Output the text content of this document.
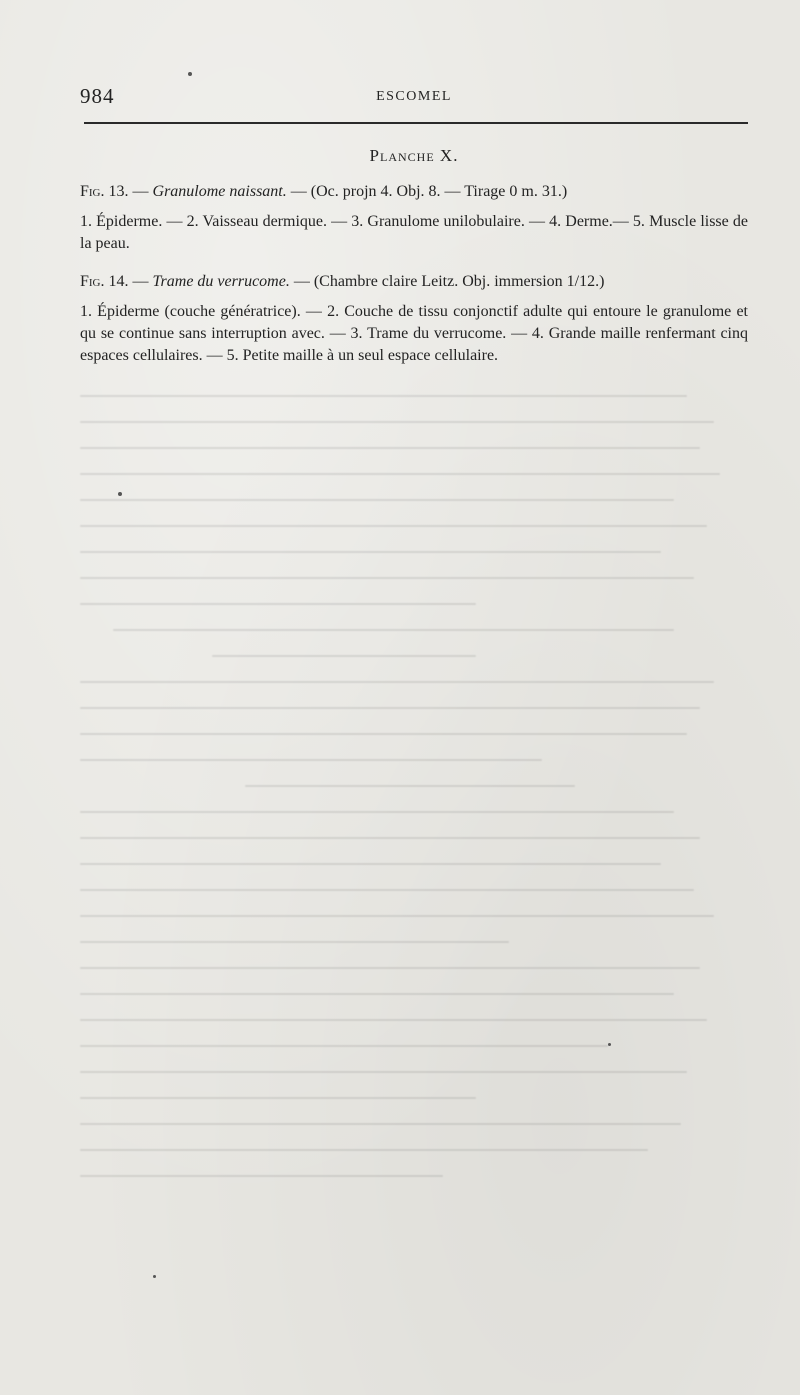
984	ESCOMEL
Planche X.

Fig. 13. — Granulome naissant. — (Oc. projn 4. Obj. 8. — Tirage 0 m. 31.)

1. Épiderme. — 2. Vaisseau dermique. — 3. Granulome unilobulaire. — 4. Derme.— 5. Muscle lisse de la peau.

Fig. 14. — Trame du verrucome. — (Chambre claire Leitz. Obj. immersion 1/12.)

1. Épiderme (couche génératrice). — 2. Couche de tissu conjonctif adulte qui entoure le granulome et qu se continue sans interruption avec. — 3. Trame du verrucome. — 4. Grande maille renfermant cinq espaces cellulaires. — 5. Petite maille à un seul espace cellulaire.
